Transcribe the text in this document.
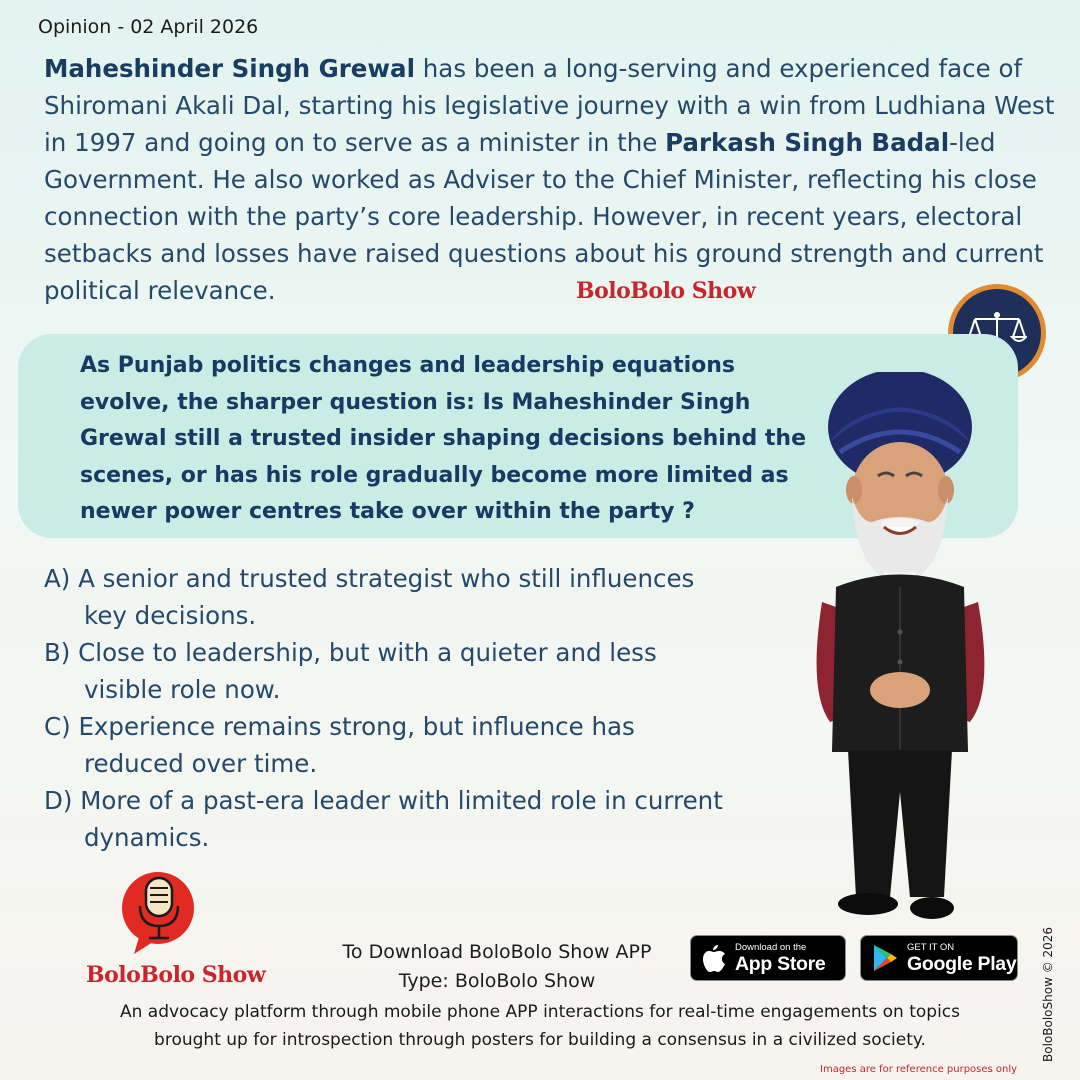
Opinion - 02 April 2026
Maheshinder Singh Grewal has been a long-serving and experienced face of Shiromani Akali Dal, starting his legislative journey with a win from Ludhiana West in 1997 and going on to serve as a minister in the Parkash Singh Badal-led Government. He also worked as Adviser to the Chief Minister, reflecting his close connection with the party’s core leadership. However, in recent years, electoral setbacks and losses have raised questions about his ground strength and current political relevance.	BoloBolo Show
As Punjab politics changes and leadership equations evolve, the sharper question is: Is Maheshinder Singh Grewal still a trusted insider shaping decisions behind the scenes, or has his role gradually become more limited as newer power centres take over within the party ?
A) A senior and trusted strategist who still influences
key decisions.
B) Close to leadership, but with a quieter and less
visible role now.
C) Experience remains strong, but influence has
reduced over time.
D) More of a past-era leader with limited role in current
dynamics.
BoloBolo Show
To Download BoloBolo Show APP
Type: BoloBolo Show
Download on the
App Store
GET IT ON
Google Play
An advocacy platform through mobile phone APP interactions for real-time engagements on topics
brought up for introspection through posters for building a consensus in a civilized society.	BoloBoloShow © 2026
Images are for reference purposes only
